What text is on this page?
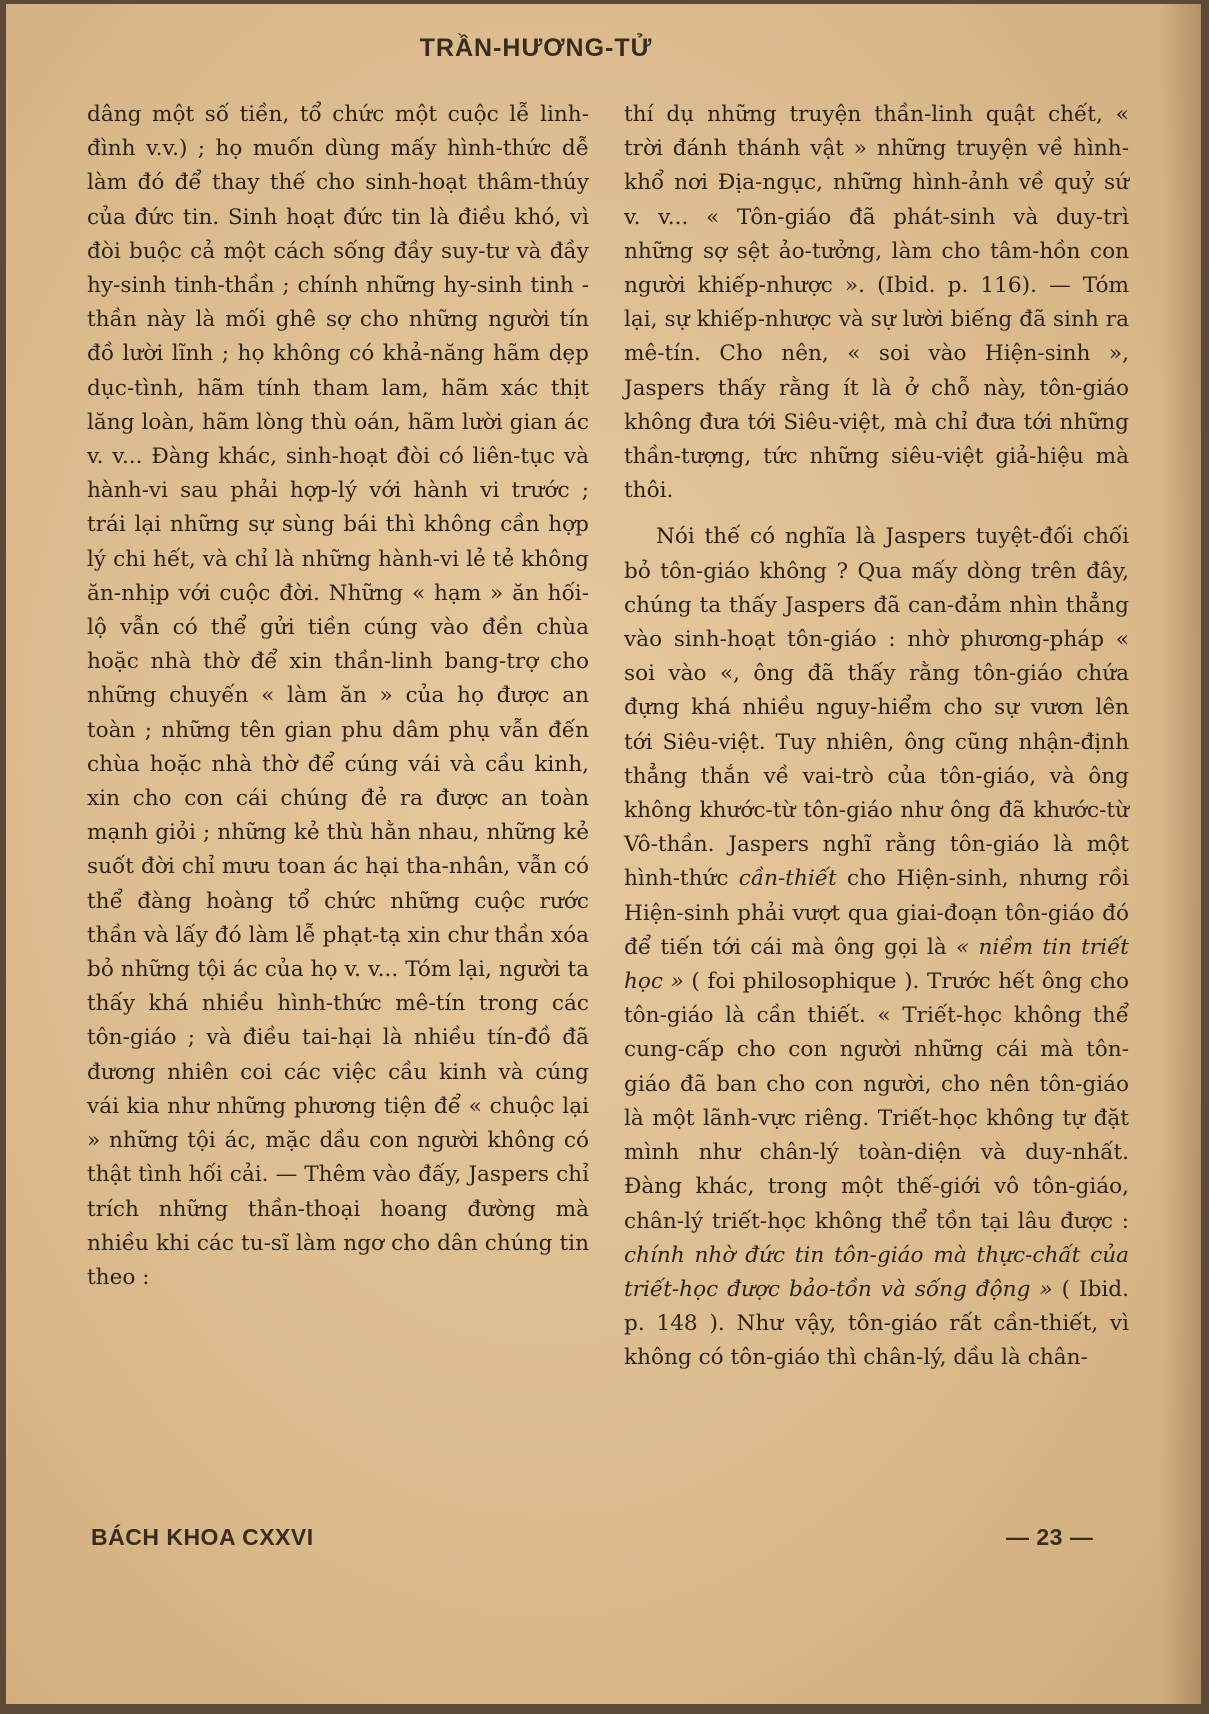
TRẦN-HƯƠNG-TỬ

dâng một số tiền, tổ chức một cuộc lễ linh-đình v.v.) ; họ muốn dùng mấy hình-thức dễ làm đó để thay thế cho sinh-hoạt thâm-thúy của đức tin. Sinh hoạt đức tin là điều khó, vì đòi buộc cả một cách sống đầy suy-tư và đầy hy-sinh tinh-thần ; chính những hy-sinh tinh - thần này là mối ghê sợ cho những người tín đồ lười lĩnh ; họ không có khả-năng hãm dẹp dục-tình, hãm tính tham lam, hãm xác thịt lăng loàn, hãm lòng thù oán, hãm lười gian ác v. v... Đàng khác, sinh-hoạt đòi có liên-tục và hành-vi sau phải hợp-lý với hành vi trước ; trái lại những sự sùng bái thì không cần hợp lý chi hết, và chỉ là những hành-vi lẻ tẻ không ăn-nhịp với cuộc đời. Những « hạm » ăn hối-lộ vẫn có thể gửi tiền cúng vào đền chùa hoặc nhà thờ để xin thần-linh bang-trợ cho những chuyến « làm ăn » của họ được an toàn ; những tên gian phu dâm phụ vẫn đến chùa hoặc nhà thờ để cúng vái và cầu kinh, xin cho con cái chúng đẻ ra được an toàn mạnh giỏi ; những kẻ thù hằn nhau, những kẻ suốt đời chỉ mưu toan ác hại tha-nhân, vẫn có thể đàng hoàng tổ chức những cuộc rước thần và lấy đó làm lễ phạt-tạ xin chư thần xóa bỏ những tội ác của họ v. v... Tóm lại, người ta thấy khá nhiều hình-thức mê-tín trong các tôn-giáo ; và điều tai-hại là nhiều tín-đồ đã đương nhiên coi các việc cầu kinh và cúng vái kia như những phương tiện để « chuộc lại » những tội ác, mặc dầu con người không có thật tình hối cải. — Thêm vào đấy, Jaspers chỉ trích những thần-thoại hoang đường mà nhiều khi các tu-sĩ làm ngơ cho dân chúng tin theo :

thí dụ những truyện thần-linh quật chết, « trời đánh thánh vật » những truyện về hình-khổ nơi Địa-ngục, những hình-ảnh về quỷ sứ v. v... « Tôn-giáo đã phát-sinh và duy-trì những sợ sệt ảo-tưởng, làm cho tâm-hồn con người khiếp-nhược ». (Ibid. p. 116). — Tóm lại, sự khiếp-nhược và sự lười biếng đã sinh ra mê-tín. Cho nên, « soi vào Hiện-sinh », Jaspers thấy rằng ít là ở chỗ này, tôn-giáo không đưa tới Siêu-việt, mà chỉ đưa tới những thần-tượng, tức những siêu-việt giả-hiệu mà thôi.

Nói thế có nghĩa là Jaspers tuyệt-đối chối bỏ tôn-giáo không ? Qua mấy dòng trên đây, chúng ta thấy Jaspers đã can-đảm nhìn thẳng vào sinh-hoạt tôn-giáo : nhờ phương-pháp « soi vào «, ông đã thấy rằng tôn-giáo chứa đựng khá nhiều nguy-hiểm cho sự vươn lên tới Siêu-việt. Tuy nhiên, ông cũng nhận-định thẳng thắn về vai-trò của tôn-giáo, và ông không khước-từ tôn-giáo như ông đã khước-từ Vô-thần. Jaspers nghĩ rằng tôn-giáo là một hình-thức cần-thiết cho Hiện-sinh, nhưng rồi Hiện-sinh phải vượt qua giai-đoạn tôn-giáo đó để tiến tới cái mà ông gọi là « niềm tin triết học » ( foi philosophique ). Trước hết ông cho tôn-giáo là cần thiết. « Triết-học không thể cung-cấp cho con người những cái mà tôn-giáo đã ban cho con người, cho nên tôn-giáo là một lãnh-vực riêng. Triết-học không tự đặt mình như chân-lý toàn-diện và duy-nhất. Đàng khác, trong một thế-giới vô tôn-giáo, chân-lý triết-học không thể tồn tại lâu được : chính nhờ đức tin tôn-giáo mà thực-chất của triết-học được bảo-tồn và sống động » ( Ibid. p. 148 ). Như vậy, tôn-giáo rất cần-thiết, vì không có tôn-giáo thì chân-lý, dầu là chân-

BÁCH KHOA CXXVI	— 23 —
